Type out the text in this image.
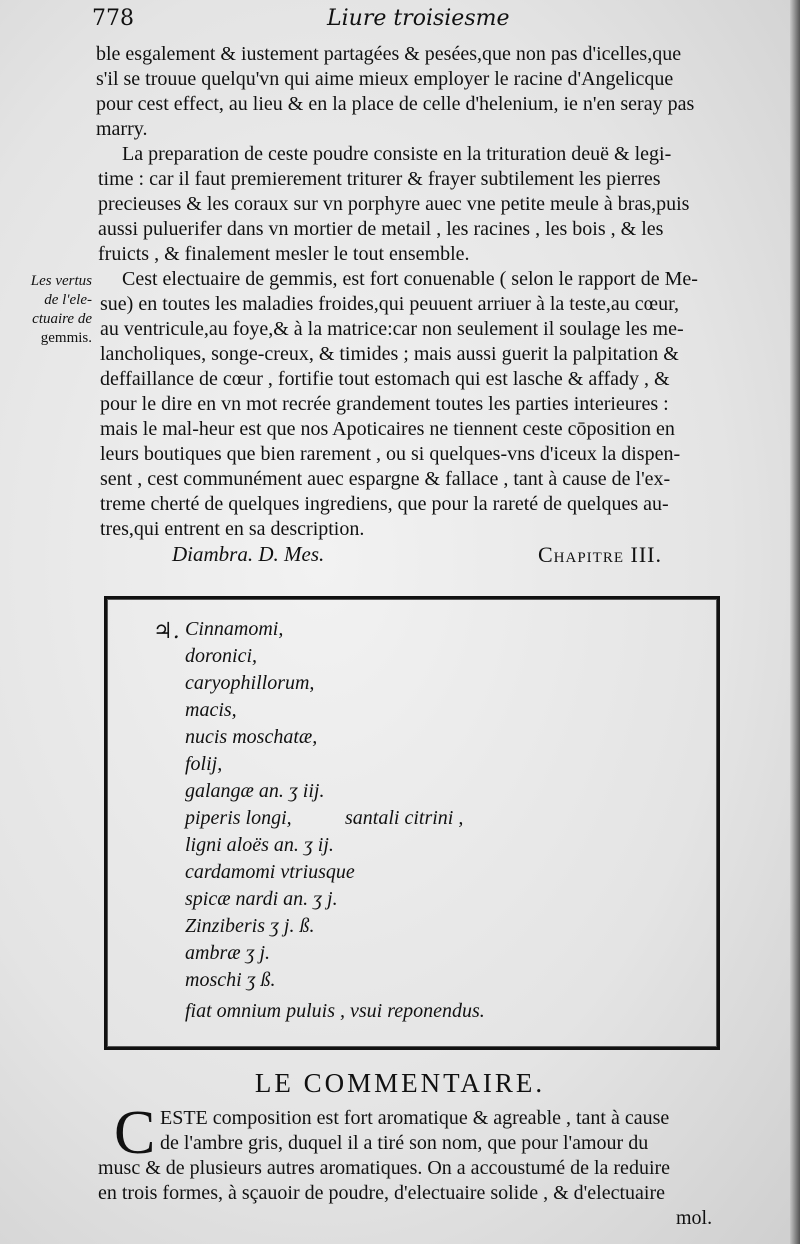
778	Liure troisiesme
ble esgalement & iustement partagées & pesées,que non pas d'icelles,que
s'il se trouue quelqu'vn qui aime mieux employer le racine d'Angelicque
pour cest effect, au lieu & en la place de celle d'helenium, ie n'en seray pas
marry.
La preparation de ceste poudre consiste en la trituration deuë & legi-
time : car il faut premierement triturer & frayer subtilement les pierres
precieuses & les coraux sur vn porphyre auec vne petite meule à bras,puis
aussi puluerifer dans vn mortier de metail , les racines , les bois , & les
fruicts , & finalement mesler le tout ensemble.
Cest electuaire de gemmis, est fort conuenable ( selon le rapport de Me-
sue) en toutes les maladies froides,qui peuuent arriuer à la teste,au cœur,
au ventricule,au foye,& à la matrice:car non seulement il soulage les me-
lancholiques, songe-creux, & timides ; mais aussi guerit la palpitation &
deffaillance de cœur , fortifie tout estomach qui est lasche & affady , &
pour le dire en vn mot recrée grandement toutes les parties interieures :
mais le mal-heur est que nos Apoticaires ne tiennent ceste cōposition en
leurs boutiques que bien rarement , ou si quelques-vns d'iceux la dispen-
sent , cest communément auec espargne & fallace , tant à cause de l'ex-
treme cherté de quelques ingrediens, que pour la rareté de quelques au-
tres,qui entrent en sa description.
Les vertus
de l'ele-
ctuaire de
gemmis.
Diambra. D. Mes.	Chapitre III.
♃. Cinnamomi,
doronici,
caryophillorum,
macis,
nucis moschatæ,
folij,
galangæ an. ʒ iij.
piperis longi,	santali citrini ,
ligni aloës an. ʒ ij.
cardamomi vtriusque
spicæ nardi an. ʒ j.
Zinziberis ʒ j. ß.
ambræ ʒ j.
moschi ʒ ß.
fiat omnium puluis , vsui reponendus.
LE COMMENTAIRE.
C ESTE composition est fort aromatique & agreable , tant à cause
de l'ambre gris, duquel il a tiré son nom, que pour l'amour du
musc & de plusieurs autres aromatiques. On a accoustumé de la reduire
en trois formes, à sçauoir de poudre, d'electuaire solide , & d'electuaire
mol.
